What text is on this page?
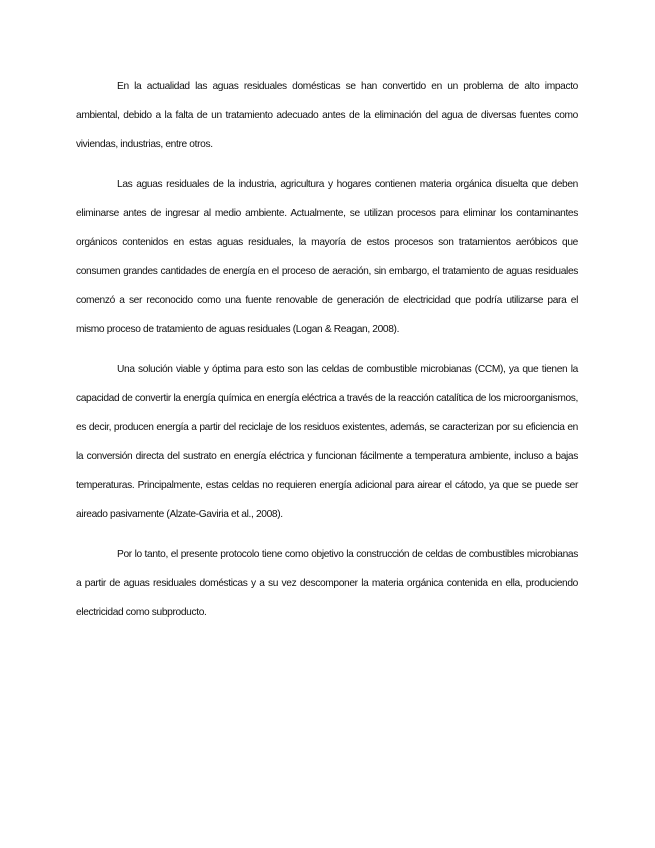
En la actualidad las aguas residuales domésticas se han convertido en un problema de alto impacto ambiental, debido a la falta de un tratamiento adecuado antes de la eliminación del agua de diversas fuentes como viviendas, industrias, entre otros.

Las aguas residuales de la industria, agricultura y hogares contienen materia orgánica disuelta que deben eliminarse antes de ingresar al medio ambiente. Actualmente, se utilizan procesos para eliminar los contaminantes orgánicos contenidos en estas aguas residuales, la mayoría de estos procesos son tratamientos aeróbicos que consumen grandes cantidades de energía en el proceso de aeración, sin embargo, el tratamiento de aguas residuales comenzó a ser reconocido como una fuente renovable de generación de electricidad que podría utilizarse para el mismo proceso de tratamiento de aguas residuales (Logan & Reagan, 2008).

Una solución viable y óptima para esto son las celdas de combustible microbianas (CCM), ya que tienen la capacidad de convertir la energía química en energía eléctrica a través de la reacción catalítica de los microorganismos, es decir, producen energía a partir del reciclaje de los residuos existentes, además, se caracterizan por su eficiencia en la conversión directa del sustrato en energía eléctrica y funcionan fácilmente a temperatura ambiente, incluso a bajas temperaturas. Principalmente, estas celdas no requieren energía adicional para airear el cátodo, ya que se puede ser aireado pasivamente (Alzate-Gaviria et al., 2008).

Por lo tanto, el presente protocolo tiene como objetivo la construcción de celdas de combustibles microbianas a partir de aguas residuales domésticas y a su vez descomponer la materia orgánica contenida en ella, produciendo electricidad como subproducto.
